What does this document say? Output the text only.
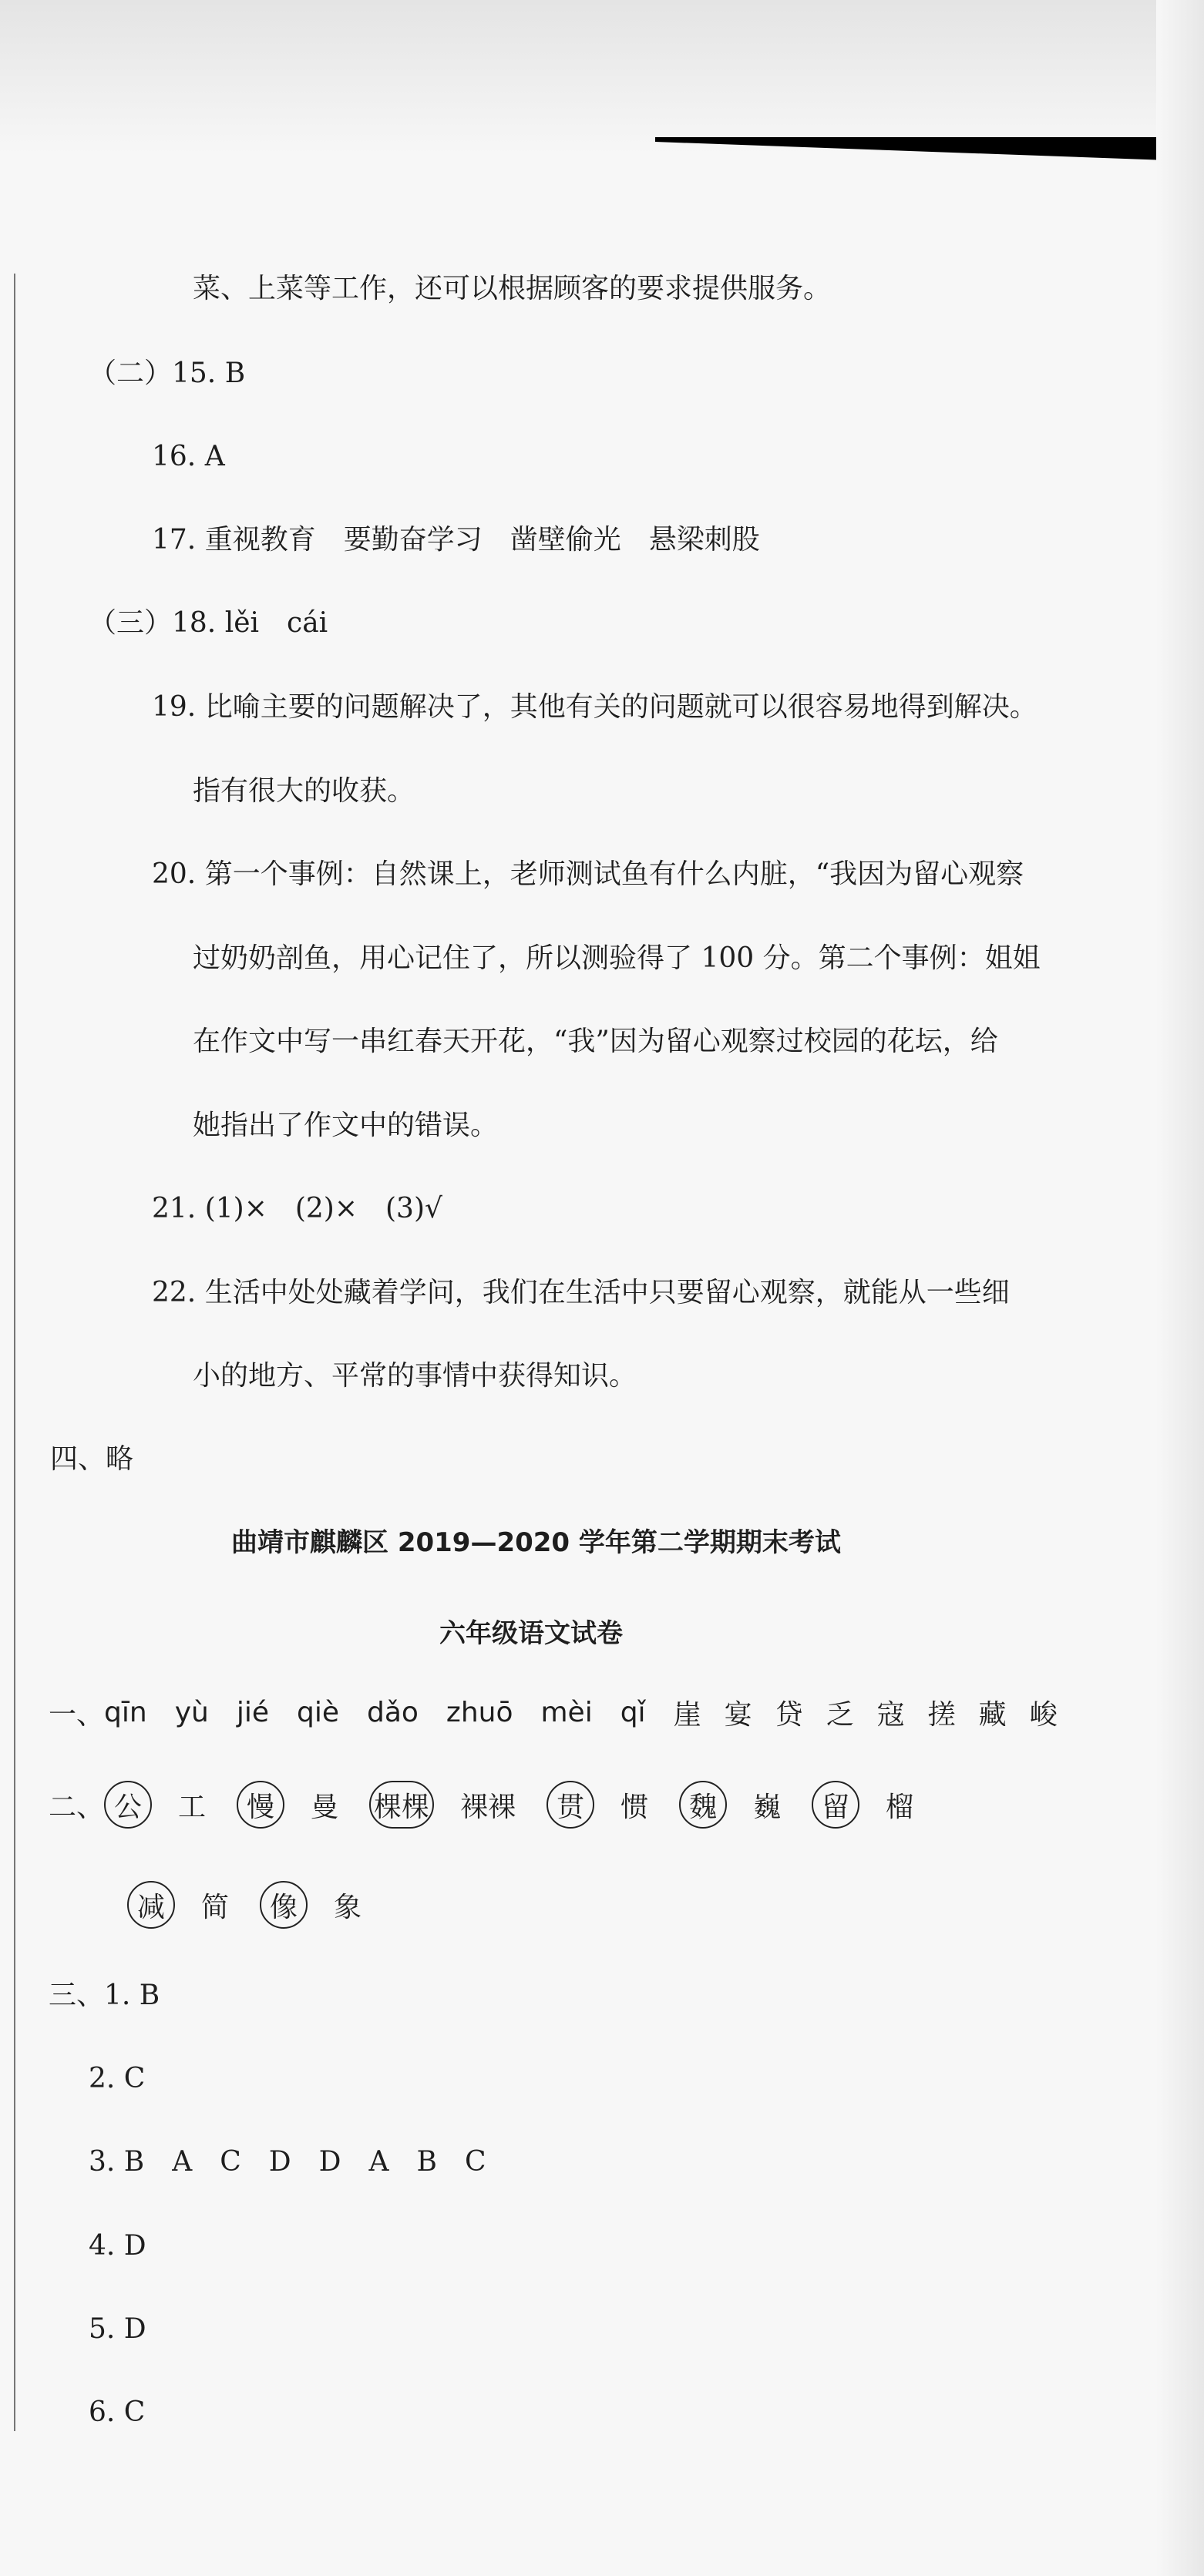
菜、上菜等工作，还可以根据顾客的要求提供服务。

（二）15. B

16. A

17. 重视教育　要勤奋学习　凿壁偷光　悬梁刺股

（三）18. lěi　cái

19. 比喻主要的问题解决了，其他有关的问题就可以很容易地得到解决。

指有很大的收获。

20. 第一个事例：自然课上，老师测试鱼有什么内脏，“我因为留心观察

过奶奶剖鱼，用心记住了，所以测验得了 100 分。第二个事例：姐姐

在作文中写一串红春天开花，“我”因为留心观察过校园的花坛，给

她指出了作文中的错误。

21. (1)×　(2)×　(3)√

22. 生活中处处藏着学问，我们在生活中只要留心观察，就能从一些细

小的地方、平常的事情中获得知识。

四、略

曲靖市麒麟区 2019—2020 学年第二学期期末考试

六年级语文试卷

一、 qīn yù jié qiè dǎo zhuō mèi qǐ 崖 宴 贷 乏 寇 搓 藏 峻
二、 公	工	慢	曼 棵棵 裸裸	贯	惯	魏	巍	留	榴
减	简	像	象

三、1. B

2. C

3. B　A　C　D　D　A　B　C

4. D

5. D

6. C
